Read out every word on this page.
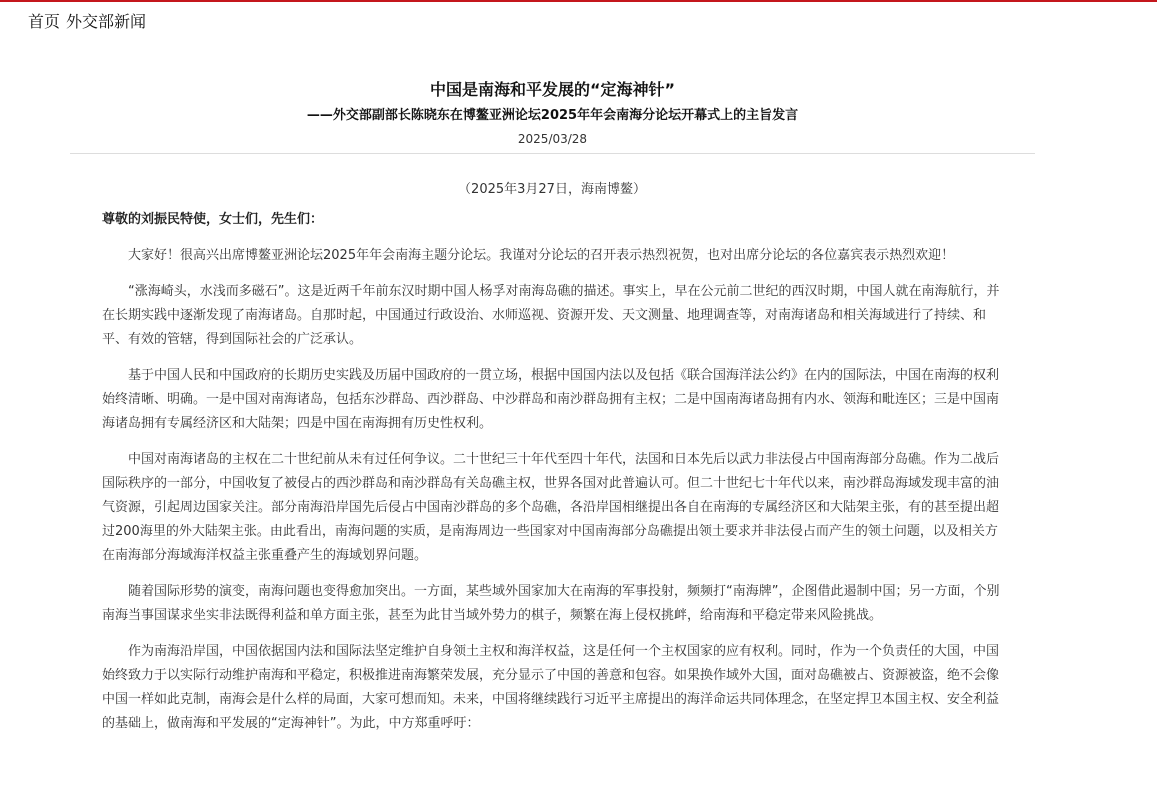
首页 外交部新闻
中国是南海和平发展的“定海神针”
——外交部副部长陈晓东在博鳌亚洲论坛2025年年会南海分论坛开幕式上的主旨发言
2025/03/28

（2025年3月27日，海南博鳌）

尊敬的刘振民特使，女士们，先生们：

大家好！很高兴出席博鳌亚洲论坛2025年年会南海主题分论坛。我谨对分论坛的召开表示热烈祝贺，也对出席分论坛的各位嘉宾表示热烈欢迎！

“涨海崎头，水浅而多磁石”。这是近两千年前东汉时期中国人杨孚对南海岛礁的描述。事实上，早在公元前二世纪的西汉时期，中国人就在南海航行，并在长期实践中逐渐发现了南海诸岛。自那时起，中国通过行政设治、水师巡视、资源开发、天文测量、地理调查等，对南海诸岛和相关海域进行了持续、和平、有效的管辖，得到国际社会的广泛承认。

基于中国人民和中国政府的长期历史实践及历届中国政府的一贯立场，根据中国国内法以及包括《联合国海洋法公约》在内的国际法，中国在南海的权利始终清晰、明确。一是中国对南海诸岛，包括东沙群岛、西沙群岛、中沙群岛和南沙群岛拥有主权；二是中国南海诸岛拥有内水、领海和毗连区；三是中国南海诸岛拥有专属经济区和大陆架；四是中国在南海拥有历史性权利。

中国对南海诸岛的主权在二十世纪前从未有过任何争议。二十世纪三十年代至四十年代，法国和日本先后以武力非法侵占中国南海部分岛礁。作为二战后国际秩序的一部分，中国收复了被侵占的西沙群岛和南沙群岛有关岛礁主权，世界各国对此普遍认可。但二十世纪七十年代以来，南沙群岛海域发现丰富的油气资源，引起周边国家关注。部分南海沿岸国先后侵占中国南沙群岛的多个岛礁，各沿岸国相继提出各自在南海的专属经济区和大陆架主张，有的甚至提出超过200海里的外大陆架主张。由此看出，南海问题的实质，是南海周边一些国家对中国南海部分岛礁提出领土要求并非法侵占而产生的领土问题，以及相关方在南海部分海域海洋权益主张重叠产生的海域划界问题。

随着国际形势的演变，南海问题也变得愈加突出。一方面，某些域外国家加大在南海的军事投射，频频打“南海牌”，企图借此遏制中国；另一方面，个别南海当事国谋求坐实非法既得利益和单方面主张，甚至为此甘当域外势力的棋子，频繁在海上侵权挑衅，给南海和平稳定带来风险挑战。

作为南海沿岸国，中国依据国内法和国际法坚定维护自身领土主权和海洋权益，这是任何一个主权国家的应有权利。同时，作为一个负责任的大国，中国始终致力于以实际行动维护南海和平稳定，积极推进南海繁荣发展，充分显示了中国的善意和包容。如果换作域外大国，面对岛礁被占、资源被盗，绝不会像中国一样如此克制，南海会是什么样的局面，大家可想而知。未来，中国将继续践行习近平主席提出的海洋命运共同体理念，在坚定捍卫本国主权、安全利益的基础上，做南海和平发展的“定海神针”。为此，中方郑重呼吁：
